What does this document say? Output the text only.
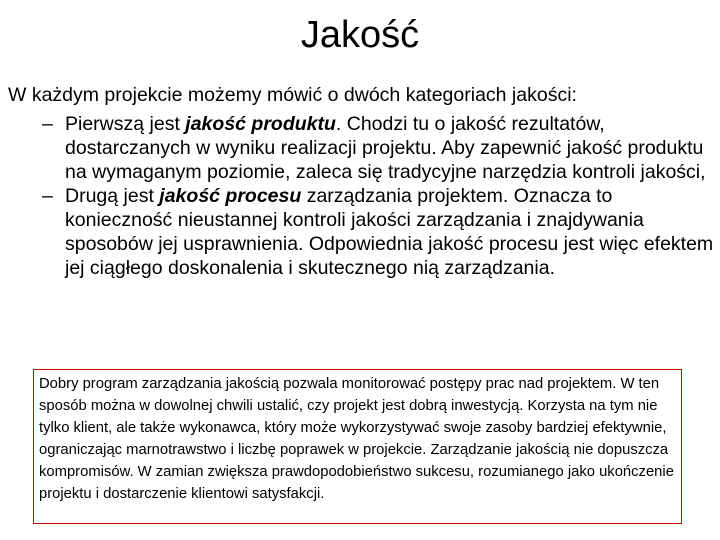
Jakość
W każdym projekcie możemy mówić o dwóch kategoriach jakości:
– Pierwszą jest jakość produktu. Chodzi tu o jakość rezultatów, dostarczanych w wyniku realizacji projektu. Aby zapewnić jakość produktu na wymaganym poziomie, zaleca się tradycyjne narzędzia kontroli jakości,
– Drugą jest jakość procesu zarządzania projektem. Oznacza to konieczność nieustannej kontroli jakości zarządzania i znajdywania sposobów jej usprawnienia. Odpowiednia jakość procesu jest więc efektem jej ciągłego doskonalenia i skutecznego nią zarządzania.
Dobry program zarządzania jakością pozwala monitorować postępy prac nad projektem. W ten sposób można w dowolnej chwili ustalić, czy projekt jest dobrą inwestycją. Korzysta na tym nie tylko klient, ale także wykonawca, który może wykorzystywać swoje zasoby bardziej efektywnie, ograniczając marnotrawstwo i liczbę poprawek w projekcie. Zarządzanie jakością nie dopuszcza kompromisów. W zamian zwiększa prawdopodobieństwo sukcesu, rozumianego jako ukończenie projektu i dostarczenie klientowi satysfakcji.
